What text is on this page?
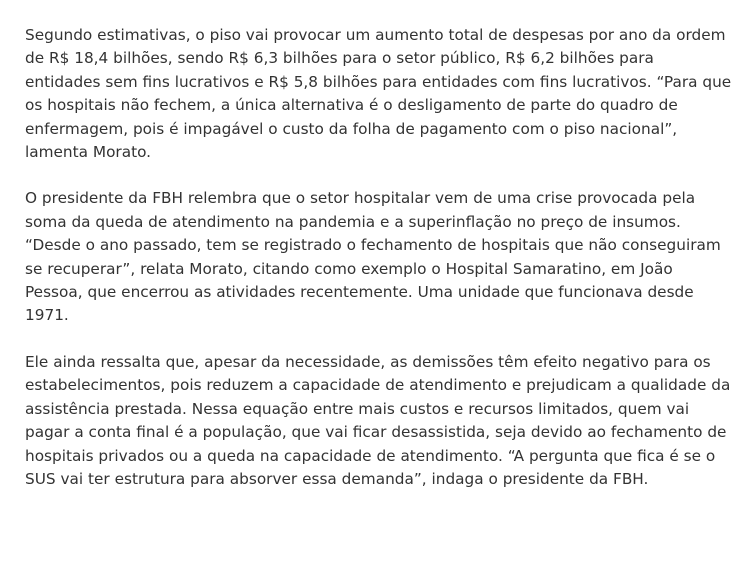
Segundo estimativas, o piso vai provocar um aumento total de despesas por ano da ordem
de R$ 18,4 bilhões, sendo R$ 6,3 bilhões para o setor público, R$ 6,2 bilhões para
entidades sem fins lucrativos e R$ 5,8 bilhões para entidades com fins lucrativos. “Para que
os hospitais não fechem, a única alternativa é o desligamento de parte do quadro de
enfermagem, pois é impagável o custo da folha de pagamento com o piso nacional”,
lamenta Morato.

O presidente da FBH relembra que o setor hospitalar vem de uma crise provocada pela
soma da queda de atendimento na pandemia e a superinflação no preço de insumos.
“Desde o ano passado, tem se registrado o fechamento de hospitais que não conseguiram
se recuperar”, relata Morato, citando como exemplo o Hospital Samaratino, em João
Pessoa, que encerrou as atividades recentemente. Uma unidade que funcionava desde
1971.

Ele ainda ressalta que, apesar da necessidade, as demissões têm efeito negativo para os
estabelecimentos, pois reduzem a capacidade de atendimento e prejudicam a qualidade da
assistência prestada. Nessa equação entre mais custos e recursos limitados, quem vai
pagar a conta final é a população, que vai ficar desassistida, seja devido ao fechamento de
hospitais privados ou a queda na capacidade de atendimento. “A pergunta que fica é se o
SUS vai ter estrutura para absorver essa demanda”, indaga o presidente da FBH.
